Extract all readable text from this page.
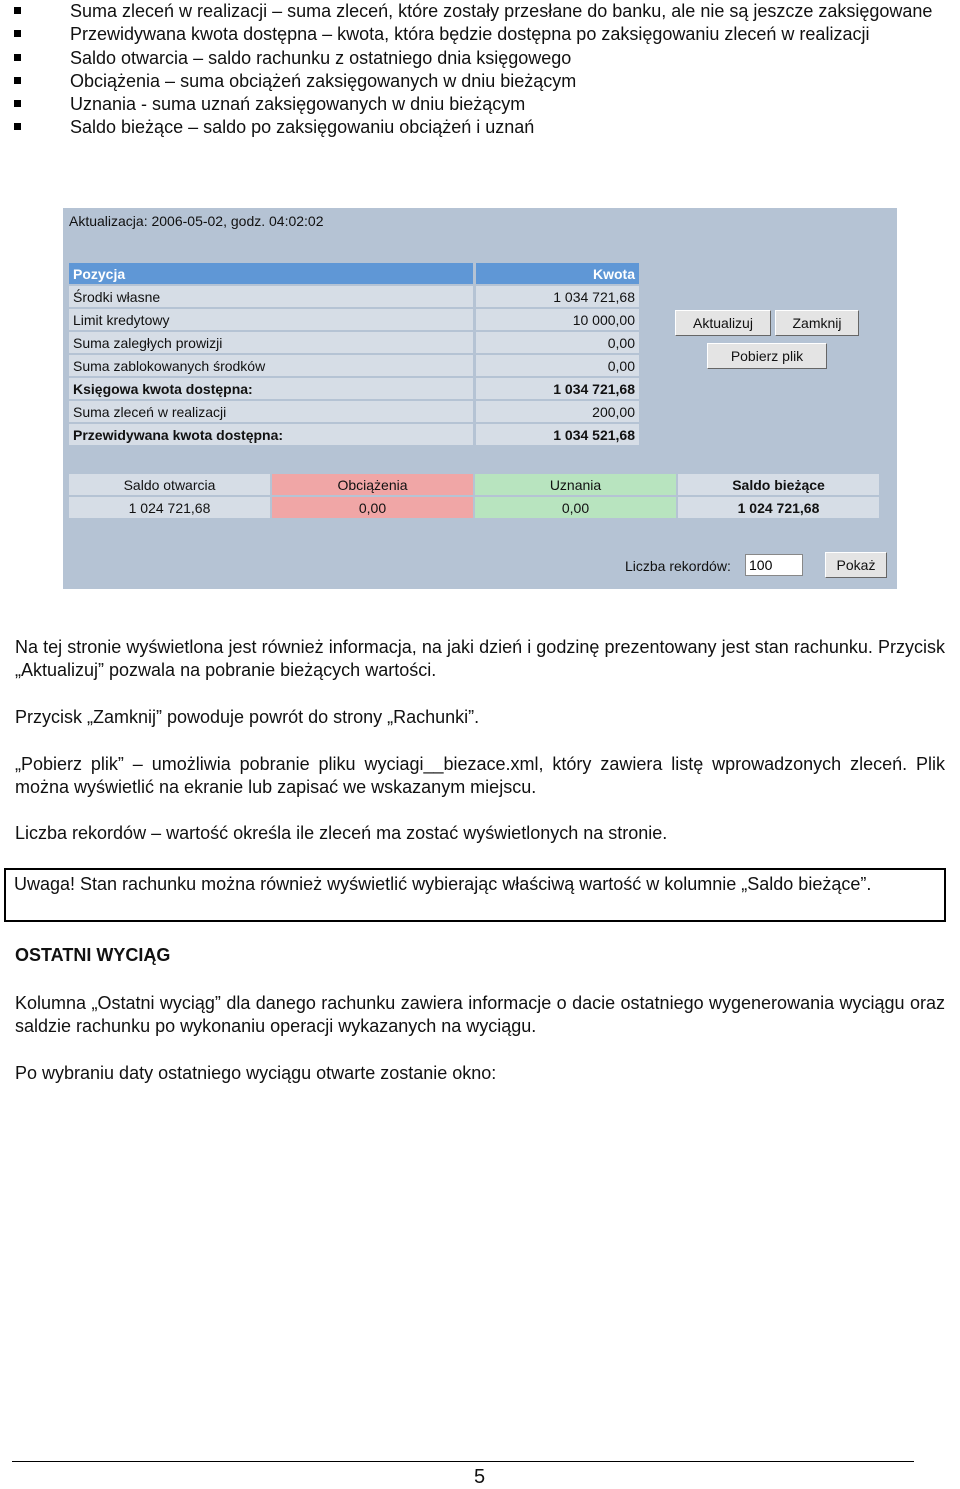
Suma zleceń w realizacji – suma zleceń, które zostały przesłane do banku, ale nie są jeszcze zaksięgowane
Przewidywana kwota dostępna – kwota, która będzie dostępna po zaksięgowaniu zleceń w realizacji
Saldo otwarcia – saldo rachunku z ostatniego dnia księgowego
Obciążenia – suma obciążeń zaksięgowanych w dniu bieżącym
Uznania - suma uznań zaksięgowanych w dniu bieżącym
Saldo bieżące – saldo po zaksięgowaniu obciążeń i uznań
Aktualizacja: 2006-05-02, godz. 04:02:02
Pozycja	Kwota
Środki własne	1 034 721,68
Limit kredytowy	10 000,00
Suma zaległych prowizji	0,00
Suma zablokowanych środków	0,00
Księgowa kwota dostępna:	1 034 721,68
Suma zleceń w realizacji	200,00
Przewidywana kwota dostępna:	1 034 521,68
Aktualizuj	Zamknij
Pobierz plik
Saldo otwarcia	Obciążenia	Uznania	Saldo bieżące
1 024 721,68	0,00	0,00	1 024 721,68
Liczba rekordów:
100	Pokaż

Na tej stronie wyświetlona jest również informacja, na jaki dzień i godzinę prezentowany jest stan rachunku. Przycisk „Aktualizuj” pozwala na pobranie bieżących wartości.

Przycisk „Zamknij” powoduje powrót do strony „Rachunki”.

„Pobierz plik” – umożliwia pobranie pliku wyciagi__biezace.xml, który zawiera listę wprowadzonych zleceń. Plik można wyświetlić na ekranie lub zapisać we wskazanym miejscu.

Liczba rekordów – wartość określa ile zleceń ma zostać wyświetlonych na stronie.

Uwaga! Stan rachunku można również wyświetlić wybierając właściwą wartość w kolumnie „Saldo bieżące”.
OSTATNI WYCIĄG

Kolumna „Ostatni wyciąg” dla danego rachunku zawiera informacje o dacie ostatniego wygenerowania wyciągu oraz saldzie rachunku po wykonaniu operacji wykazanych na wyciągu.

Po wybraniu daty ostatniego wyciągu otwarte zostanie okno:

5
